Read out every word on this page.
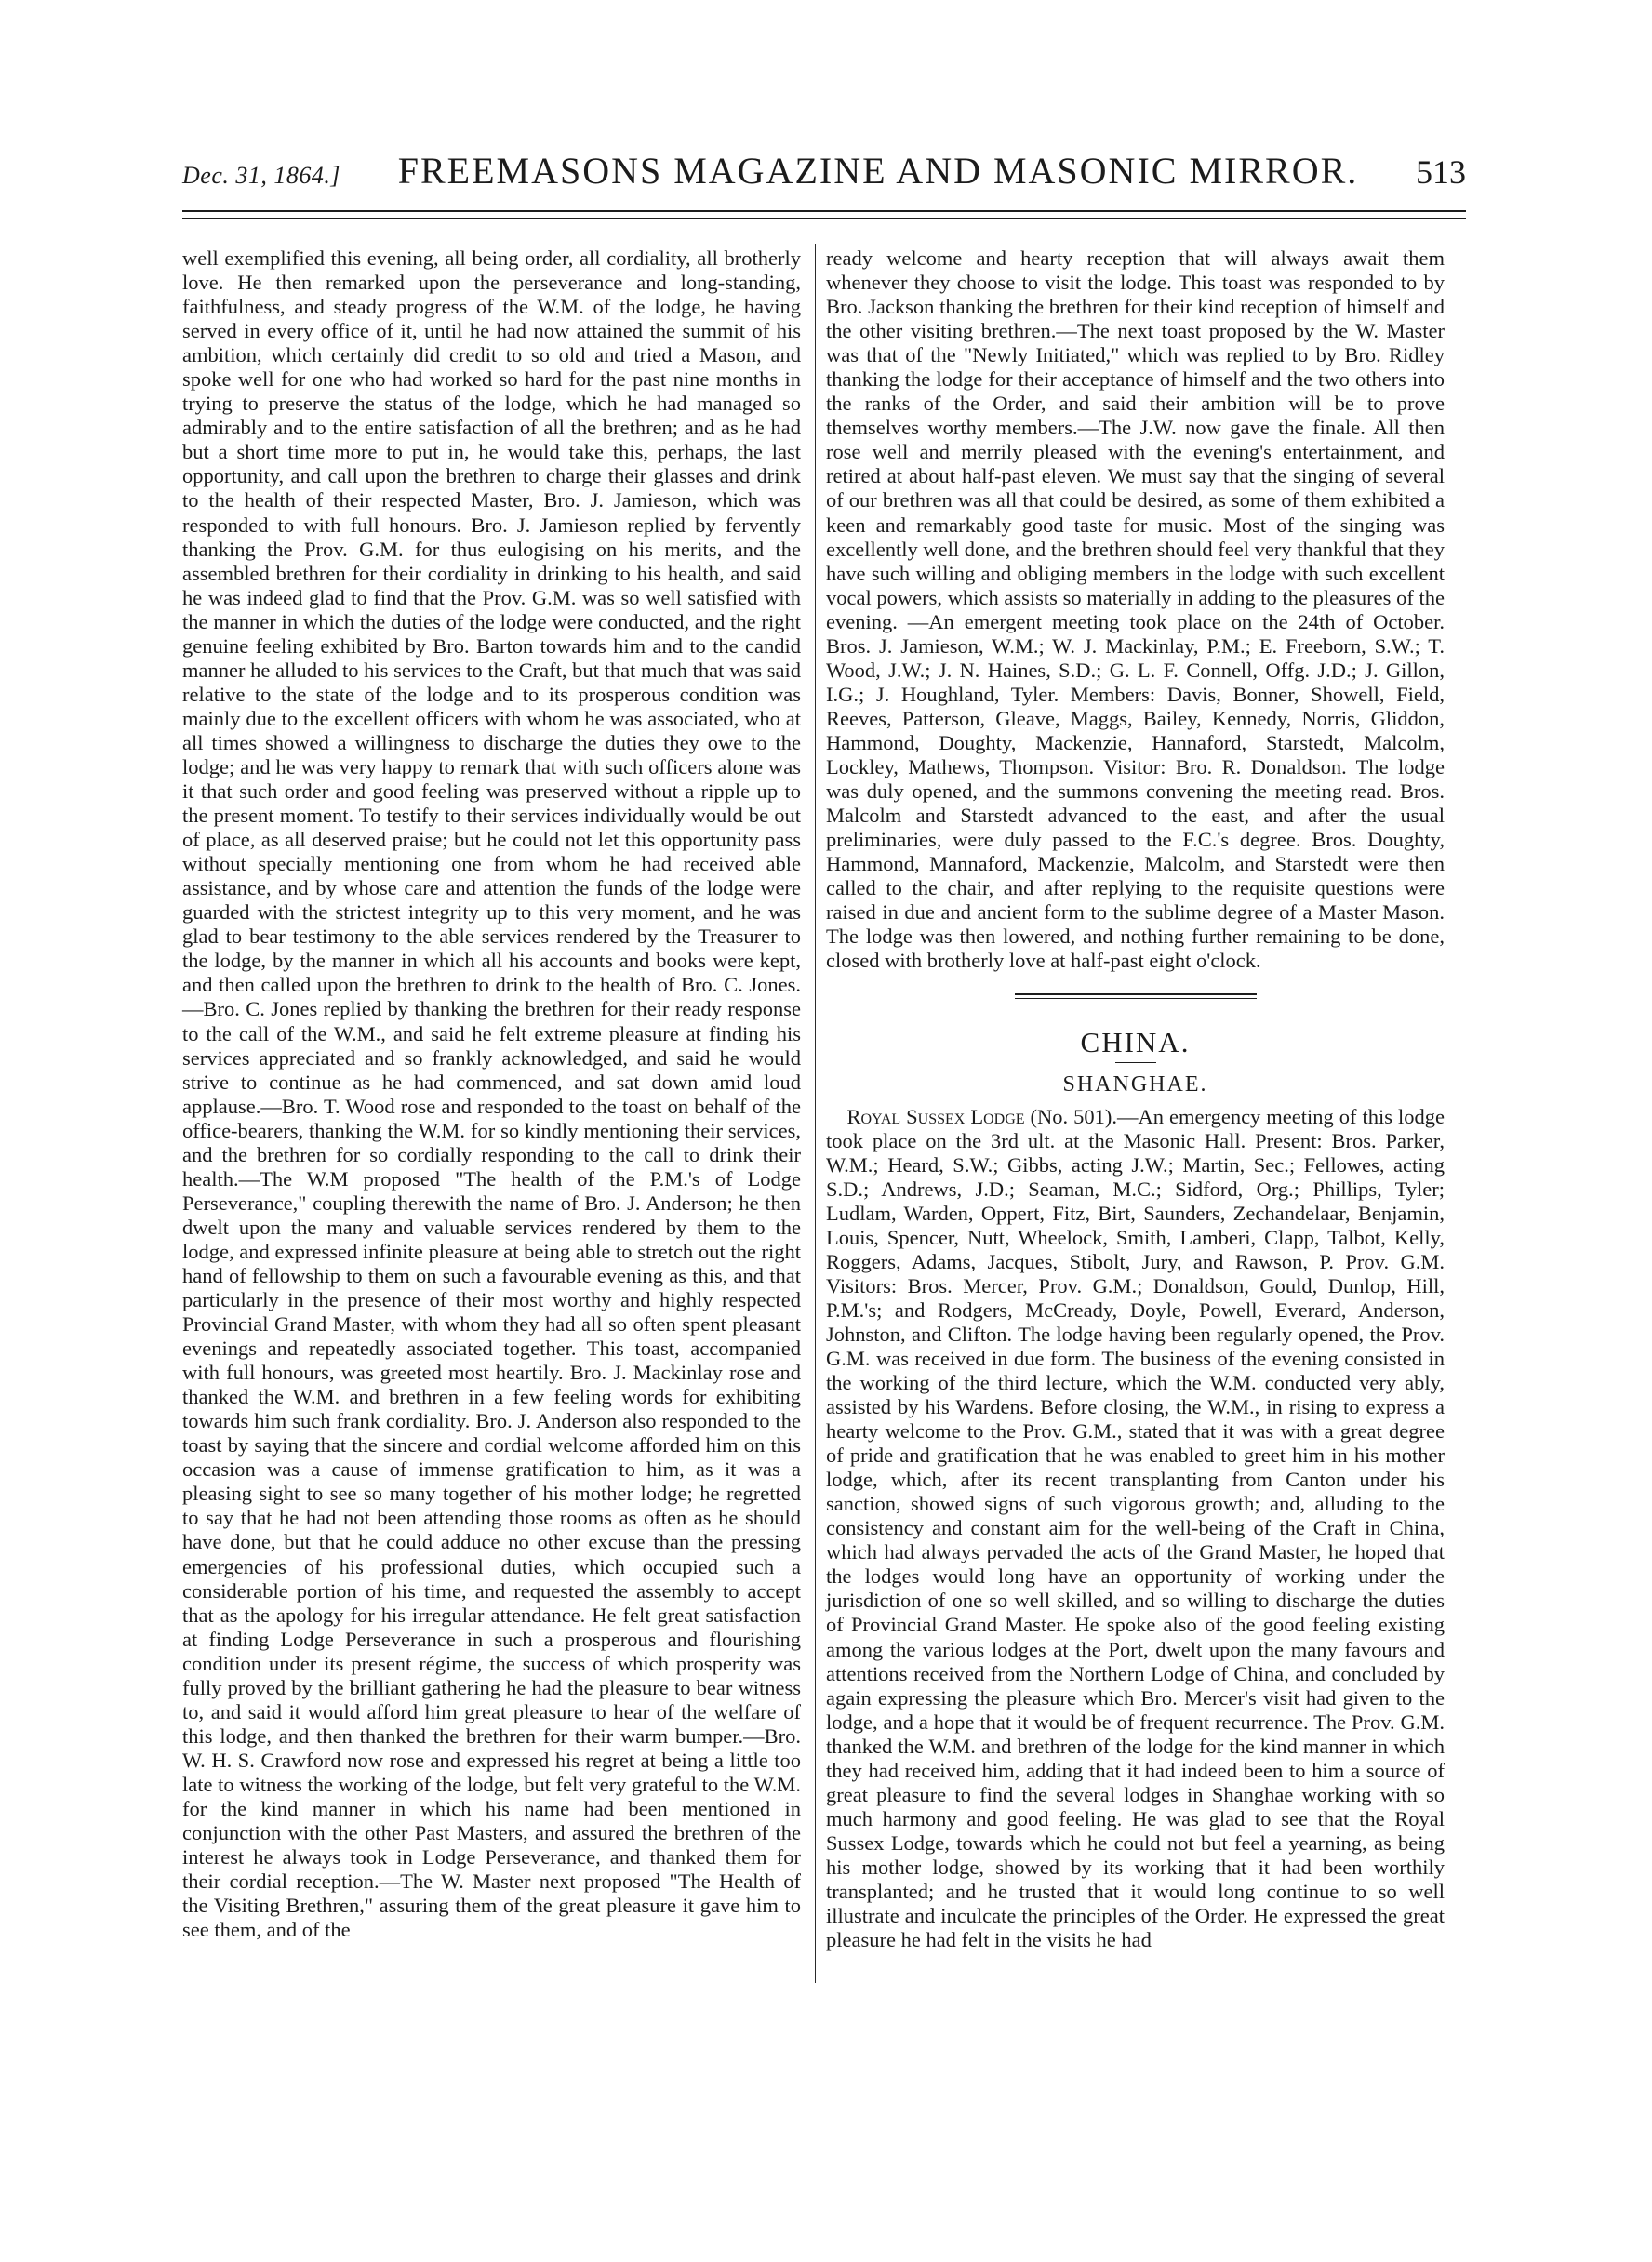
Dec. 31, 1864.] FREEMASONS MAGAZINE AND MASONIC MIRROR. 513

well exemplified this evening, all being order, all cordiality, all brotherly love. He then remarked upon the perseverance and long-standing, faithfulness, and steady progress of the W.M. of the lodge, he having served in every office of it, until he had now attained the summit of his ambition, which certainly did credit to so old and tried a Mason, and spoke well for one who had worked so hard for the past nine months in trying to preserve the status of the lodge, which he had managed so admirably and to the entire satisfaction of all the brethren; and as he had but a short time more to put in, he would take this, perhaps, the last opportunity, and call upon the brethren to charge their glasses and drink to the health of their respected Master, Bro. J. Jamieson, which was responded to with full honours. Bro. J. Jamieson replied by fervently thanking the Prov. G.M. for thus eulogising on his merits, and the assembled brethren for their cordiality in drinking to his health, and said he was indeed glad to find that the Prov. G.M. was so well satisfied with the manner in which the duties of the lodge were conducted, and the right genuine feeling exhibited by Bro. Barton towards him and to the candid manner he alluded to his services to the Craft, but that much that was said relative to the state of the lodge and to its prosperous condition was mainly due to the excellent officers with whom he was associated, who at all times showed a willingness to discharge the duties they owe to the lodge; and he was very happy to remark that with such officers alone was it that such order and good feeling was preserved without a ripple up to the present moment. To testify to their services individually would be out of place, as all deserved praise; but he could not let this opportunity pass without specially mentioning one from whom he had received able assistance, and by whose care and attention the funds of the lodge were guarded with the strictest integrity up to this very moment, and he was glad to bear testimony to the able services rendered by the Treasurer to the lodge, by the manner in which all his accounts and books were kept, and then called upon the brethren to drink to the health of Bro. C. Jones.—Bro. C. Jones replied by thanking the brethren for their ready response to the call of the W.M., and said he felt extreme pleasure at finding his services appreciated and so frankly acknowledged, and said he would strive to continue as he had commenced, and sat down amid loud applause.—Bro. T. Wood rose and responded to the toast on behalf of the office-bearers, thanking the W.M. for so kindly mentioning their services, and the brethren for so cordially responding to the call to drink their health.—The W.M proposed "The health of the P.M.'s of Lodge Perseverance," coupling therewith the name of Bro. J. Anderson; he then dwelt upon the many and valuable services rendered by them to the lodge, and expressed infinite pleasure at being able to stretch out the right hand of fellowship to them on such a favourable evening as this, and that particularly in the presence of their most worthy and highly respected Provincial Grand Master, with whom they had all so often spent pleasant evenings and repeatedly associated together. This toast, accompanied with full honours, was greeted most heartily. Bro. J. Mackinlay rose and thanked the W.M. and brethren in a few feeling words for exhibiting towards him such frank cordiality. Bro. J. Anderson also responded to the toast by saying that the sincere and cordial welcome afforded him on this occasion was a cause of immense gratification to him, as it was a pleasing sight to see so many together of his mother lodge; he regretted to say that he had not been attending those rooms as often as he should have done, but that he could adduce no other excuse than the pressing emergencies of his professional duties, which occupied such a considerable portion of his time, and requested the assembly to accept that as the apology for his irregular attendance. He felt great satisfaction at finding Lodge Perseverance in such a prosperous and flourishing condition under its present régime, the success of which prosperity was fully proved by the brilliant gathering he had the pleasure to bear witness to, and said it would afford him great pleasure to hear of the welfare of this lodge, and then thanked the brethren for their warm bumper.—Bro. W. H. S. Crawford now rose and expressed his regret at being a little too late to witness the working of the lodge, but felt very grateful to the W.M. for the kind manner in which his name had been mentioned in conjunction with the other Past Masters, and assured the brethren of the interest he always took in Lodge Perseverance, and thanked them for their cordial reception.—The W. Master next proposed "The Health of the Visiting Brethren," assuring them of the great pleasure it gave him to see them, and of the

ready welcome and hearty reception that will always await them whenever they choose to visit the lodge. This toast was responded to by Bro. Jackson thanking the brethren for their kind reception of himself and the other visiting brethren.—The next toast proposed by the W. Master was that of the "Newly Initiated," which was replied to by Bro. Ridley thanking the lodge for their acceptance of himself and the two others into the ranks of the Order, and said their ambition will be to prove themselves worthy members.—The J.W. now gave the finale. All then rose well and merrily pleased with the evening's entertainment, and retired at about half-past eleven. We must say that the singing of several of our brethren was all that could be desired, as some of them exhibited a keen and remarkably good taste for music. Most of the singing was excellently well done, and the brethren should feel very thankful that they have such willing and obliging members in the lodge with such excellent vocal powers, which assists so materially in adding to the pleasures of the evening. —An emergent meeting took place on the 24th of October. Bros. J. Jamieson, W.M.; W. J. Mackinlay, P.M.; E. Freeborn, S.W.; T. Wood, J.W.; J. N. Haines, S.D.; G. L. F. Connell, Offg. J.D.; J. Gillon, I.G.; J. Houghland, Tyler. Members: Davis, Bonner, Showell, Field, Reeves, Patterson, Gleave, Maggs, Bailey, Kennedy, Norris, Gliddon, Hammond, Doughty, Mackenzie, Hannaford, Starstedt, Malcolm, Lockley, Mathews, Thompson. Visitor: Bro. R. Donaldson. The lodge was duly opened, and the summons convening the meeting read. Bros. Malcolm and Starstedt advanced to the east, and after the usual preliminaries, were duly passed to the F.C.'s degree. Bros. Doughty, Hammond, Mannaford, Mackenzie, Malcolm, and Starstedt were then called to the chair, and after replying to the requisite questions were raised in due and ancient form to the sublime degree of a Master Mason. The lodge was then lowered, and nothing further remaining to be done, closed with brotherly love at half-past eight o'clock.

CHINA.
SHANGHAE.

 Royal Sussex Lodge (No. 501).—An emergency meeting of this lodge took place on the 3rd ult. at the Masonic Hall. Present: Bros. Parker, W.M.; Heard, S.W.; Gibbs, acting J.W.; Martin, Sec.; Fellowes, acting S.D.; Andrews, J.D.; Seaman, M.C.; Sidford, Org.; Phillips, Tyler; Ludlam, Warden, Oppert, Fitz, Birt, Saunders, Zechandelaar, Benjamin, Louis, Spencer, Nutt, Wheelock, Smith, Lamberi, Clapp, Talbot, Kelly, Roggers, Adams, Jacques, Stibolt, Jury, and Rawson, P. Prov. G.M. Visitors: Bros. Mercer, Prov. G.M.; Donaldson, Gould, Dunlop, Hill, P.M.'s; and Rodgers, McCready, Doyle, Powell, Everard, Anderson, Johnston, and Clifton. The lodge having been regularly opened, the Prov. G.M. was received in due form. The business of the evening consisted in the working of the third lecture, which the W.M. conducted very ably, assisted by his Wardens. Before closing, the W.M., in rising to express a hearty welcome to the Prov. G.M., stated that it was with a great degree of pride and gratification that he was enabled to greet him in his mother lodge, which, after its recent transplanting from Canton under his sanction, showed signs of such vigorous growth; and, alluding to the consistency and constant aim for the well-being of the Craft in China, which had always pervaded the acts of the Grand Master, he hoped that the lodges would long have an opportunity of working under the jurisdiction of one so well skilled, and so willing to discharge the duties of Provincial Grand Master. He spoke also of the good feeling existing among the various lodges at the Port, dwelt upon the many favours and attentions received from the Northern Lodge of China, and concluded by again expressing the pleasure which Bro. Mercer's visit had given to the lodge, and a hope that it would be of frequent recurrence. The Prov. G.M. thanked the W.M. and brethren of the lodge for the kind manner in which they had received him, adding that it had indeed been to him a source of great pleasure to find the several lodges in Shanghae working with so much harmony and good feeling. He was glad to see that the Royal Sussex Lodge, towards which he could not but feel a yearning, as being his mother lodge, showed by its working that it had been worthily transplanted; and he trusted that it would long continue to so well illustrate and inculcate the principles of the Order. He expressed the great pleasure he had felt in the visits he had
